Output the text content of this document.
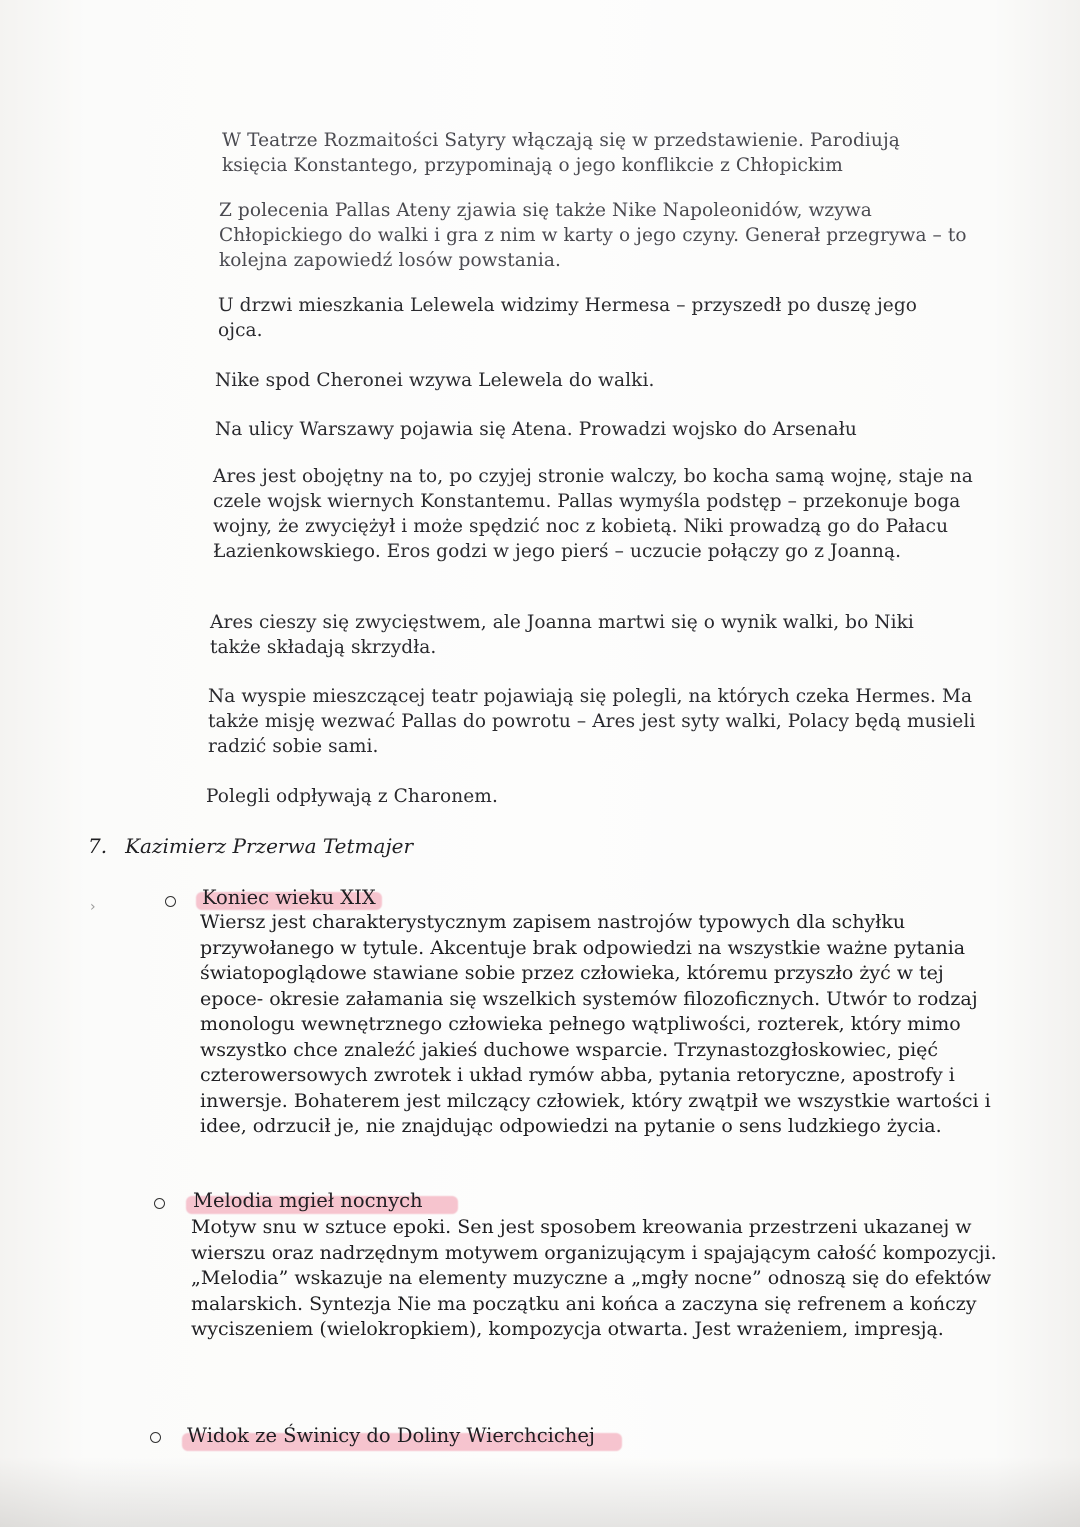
W Teatrze Rozmaitości Satyry włączają się w przedstawienie. Parodiują księcia Konstantego, przypominają o jego konflikcie z Chłopickim
Z polecenia Pallas Ateny zjawia się także Nike Napoleonidów, wzywa Chłopickiego do walki i gra z nim w karty o jego czyny. Generał przegrywa – to kolejna zapowiedź losów powstania.
U drzwi mieszkania Lelewela widzimy Hermesa – przyszedł po duszę jego ojca.
Nike spod Cheronei wzywa Lelewela do walki.
Na ulicy Warszawy pojawia się Atena. Prowadzi wojsko do Arsenału
Ares jest obojętny na to, po czyjej stronie walczy, bo kocha samą wojnę, staje na czele wojsk wiernych Konstantemu. Pallas wymyśla podstęp – przekonuje boga wojny, że zwyciężył i może spędzić noc z kobietą. Niki prowadzą go do Pałacu Łazienkowskiego. Eros godzi w jego pierś – uczucie połączy go z Joanną.
Ares cieszy się zwycięstwem, ale Joanna martwi się o wynik walki, bo Niki także składają skrzydła.
Na wyspie mieszczącej teatr pojawiają się polegli, na których czeka Hermes. Ma także misję wezwać Pallas do powrotu – Ares jest syty walki, Polacy będą musieli radzić sobie sami.
Polegli odpływają z Charonem.
7. Kazimierz Przerwa Tetmajer
›	Koniec wieku XIX
Wiersz jest charakterystycznym zapisem nastrojów typowych dla schyłku przywołanego w tytule. Akcentuje brak odpowiedzi na wszystkie ważne pytania światopoglądowe stawiane sobie przez człowieka, któremu przyszło żyć w tej epoce- okresie załamania się wszelkich systemów filozoficznych. Utwór to rodzaj monologu wewnętrznego człowieka pełnego wątpliwości, rozterek, który mimo wszystko chce znaleźć jakieś duchowe wsparcie. Trzynastozgłoskowiec, pięć czterowersowych zwrotek i układ rymów abba, pytania retoryczne, apostrofy i inwersje. Bohaterem jest milczący człowiek, który zwątpił we wszystkie wartości i idee, odrzucił je, nie znajdując odpowiedzi na pytanie o sens ludzkiego życia.
Melodia mgieł nocnych
Motyw snu w sztuce epoki. Sen jest sposobem kreowania przestrzeni ukazanej w wierszu oraz nadrzędnym motywem organizującym i spajającym całość kompozycji. „Melodia” wskazuje na elementy muzyczne a „mgły nocne” odnoszą się do efektów malarskich. Syntezja Nie ma początku ani końca a zaczyna się refrenem a kończy wyciszeniem (wielokropkiem), kompozycja otwarta. Jest wrażeniem, impresją.
Widok ze Świnicy do Doliny Wierchcichej
